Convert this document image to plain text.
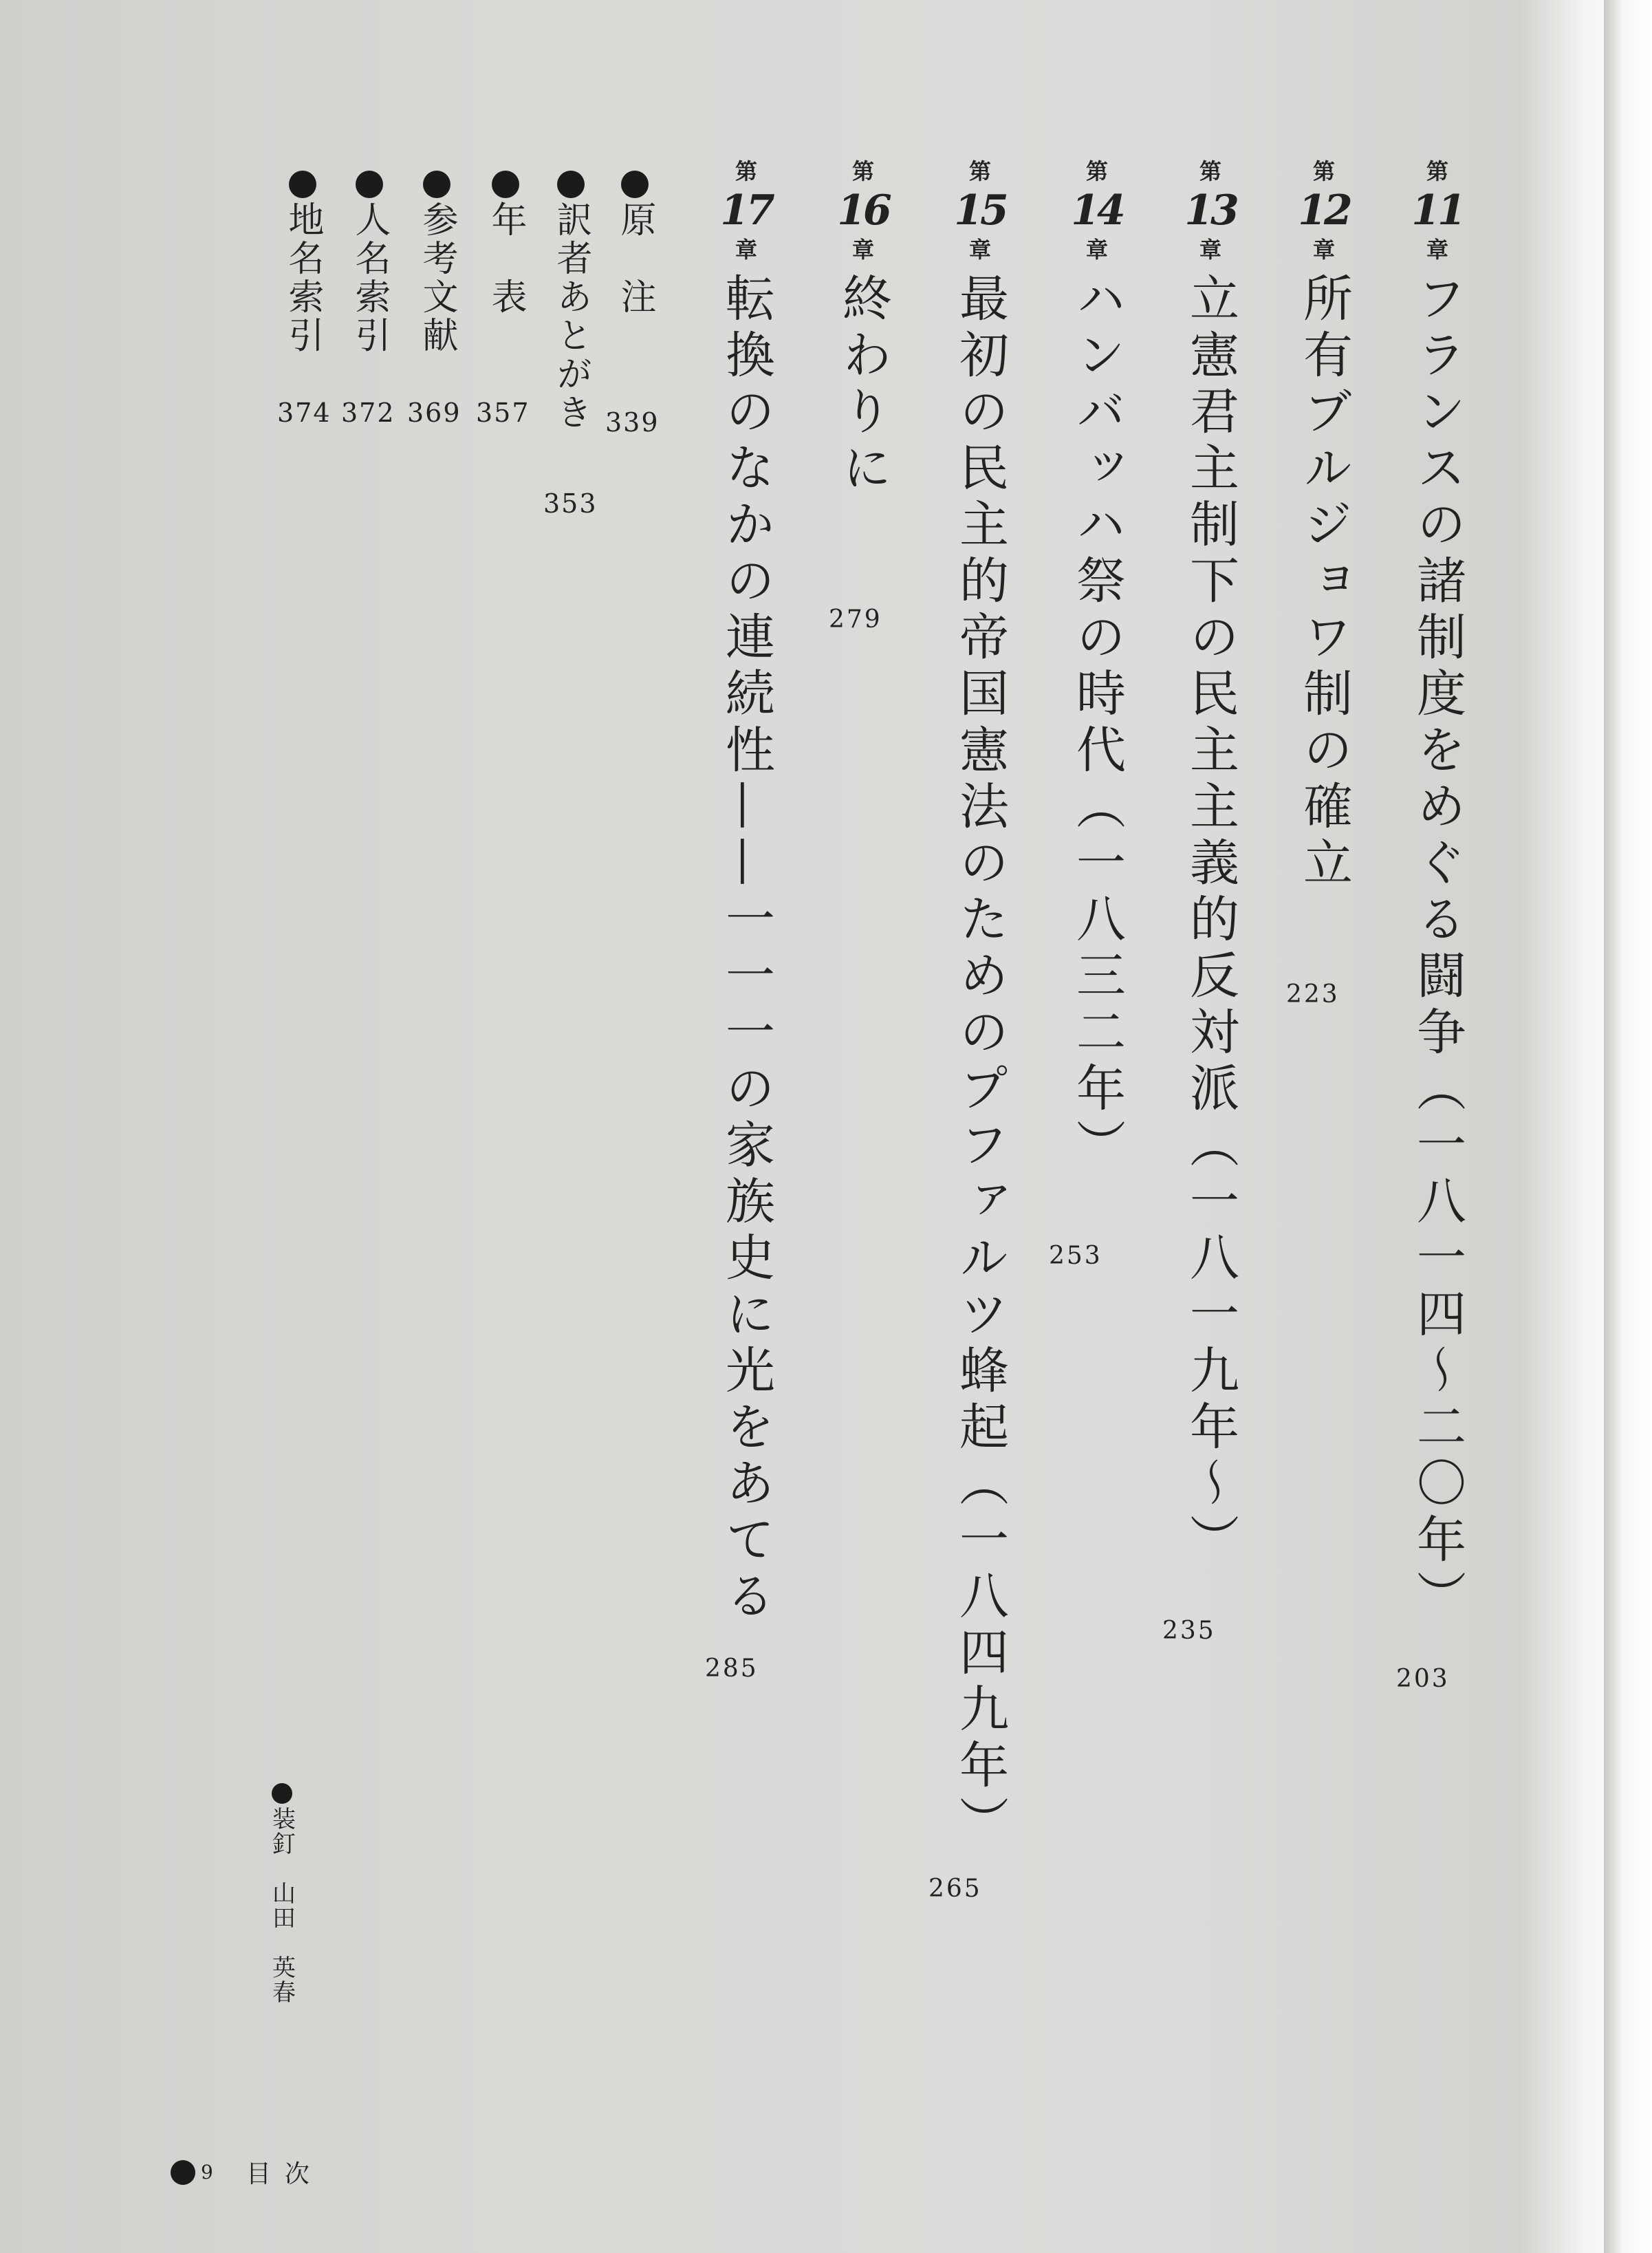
第
11
章
フランスの諸制度をめぐる闘争（一八一四〜二〇年）
203
第
12
章
所有ブルジョワ制の確立
223
第
13
章
立憲君主制下の民主主義的反対派（一八一九年〜）
235
第
14
章
ハンバッハ祭の時代（一八三二年）
253
第
15
章
最初の民主的帝国憲法のためのプファルツ蜂起（一八四九年）
265
第
16
章
終わりに
279
第
17
章
転換のなかの連続性——一一一の家族史に光をあてる
285
原　注
339
訳者あとがき
353
年　表
357
参考文献
369
人名索引
372
地名索引
374
装釘　山田　英春
9 目次
